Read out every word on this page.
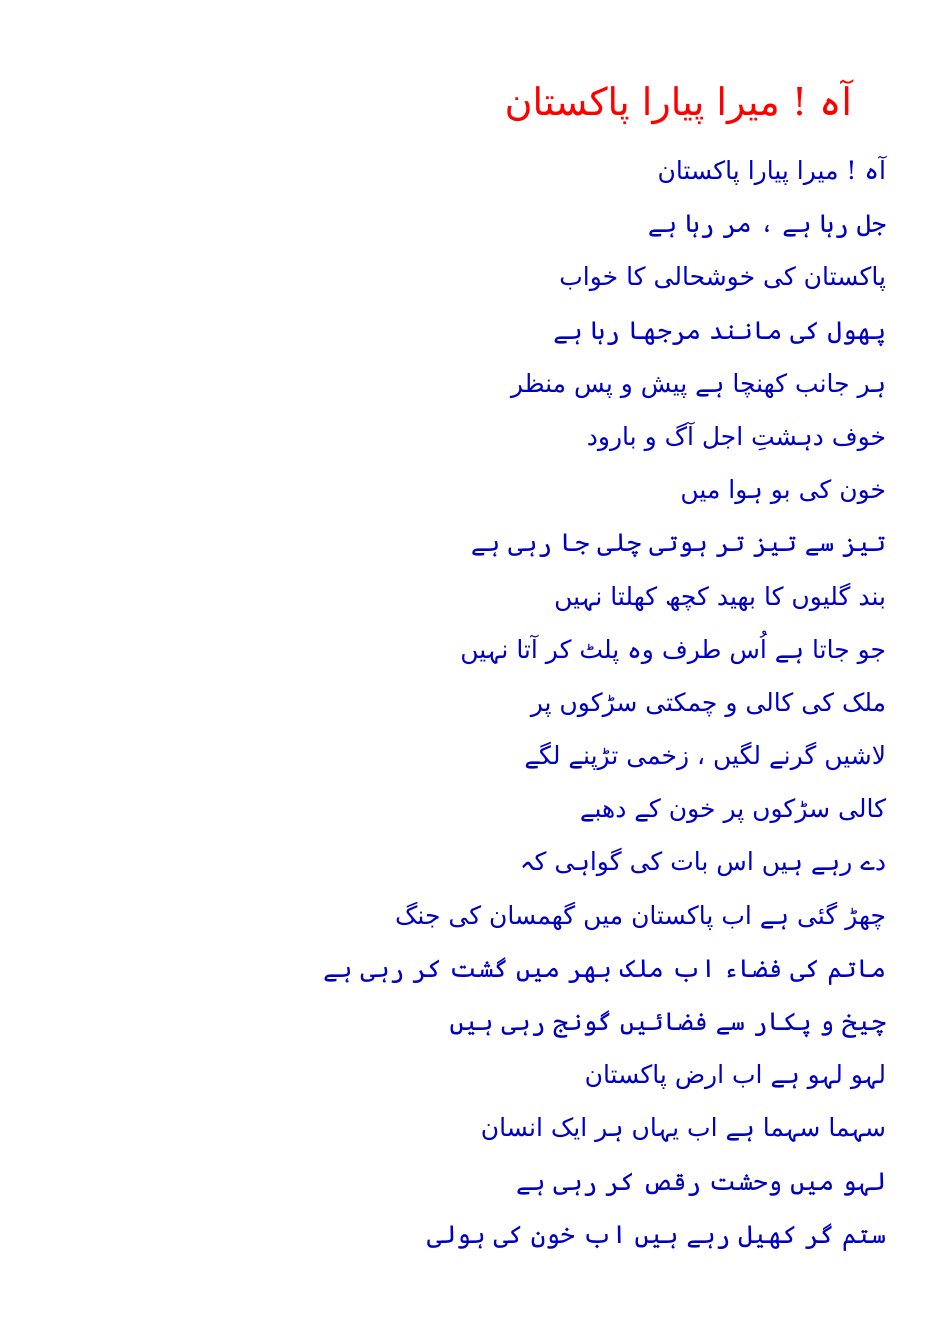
آہ ! میرا پیارا پاکستان
آہ ! میرا پیارا پاکستان
جل رہا ہے ، مر رہا ہے
پاکستان کی خوشحالی کا خواب
پھول کی مانند مرجھا رہا ہے
ہر جانب کھنچا ہے پیش و پس منظر
خوف دہشتِ اجل آگ و بارود
خون کی بو ہوا میں
تیز سے تیز تر ہوتی چلی جا رہی ہے
بند گلیوں کا بھید کچھ کھلتا نہیں
جو جاتا ہے اُس طرف وہ پلٹ کر آتا نہیں
ملک کی کالی و چمکتی سڑکوں پر
لاشیں گرنے لگیں ، زخمی تڑپنے لگے
کالی سڑکوں پر خون کے دھبے
دے رہے ہیں اس بات کی گواہی کہ
چھڑ گئی ہے اب پاکستان میں گھمسان کی جنگ
ماتم کی فضاء اب ملک بھر میں گشت کر رہی ہے
چیخ و پکار سے فضائیں گونج رہی ہیں
لہو لہو ہے اب ارض پاکستان
سہما سہما ہے اب یہاں ہر ایک انسان
لہو میں وحشت رقص کر رہی ہے
ستم گر کھیل رہے ہیں اب خون کی ہولی
